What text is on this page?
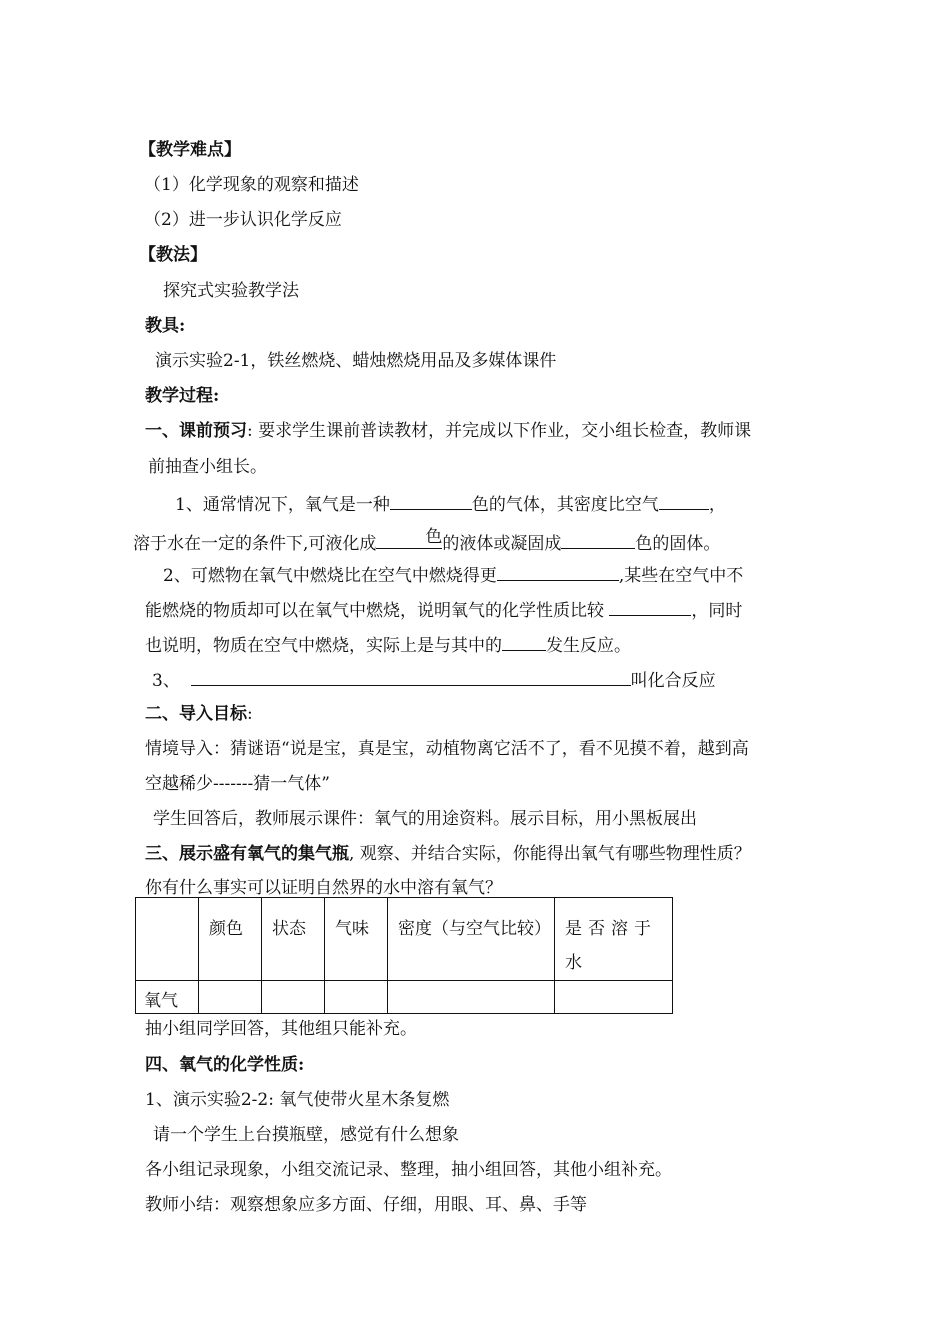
【教学难点】
（1）化学现象的观察和描述
（2）进一步认识化学反应
【教法】
探究式实验教学法
教具:
演示实验2-1，铁丝燃烧、蜡烛燃烧用品及多媒体课件
教学过程:
一、课前预习: 要求学生课前普读教材，并完成以下作业，交小组长检查，教师课
前抽查小组长。
1、通常情况下，氧气是一种	色的气体，其密度比空气	，
溶于水在一定的条件下,可液化成	色 的液体或凝固成	色的固体。
2、可燃物在氧气中燃烧比在空气中燃烧得更	,某些在空气中不
能燃烧的物质却可以在氧气中燃烧，说明氧气的化学性质比较	，同时
也说明，物质在空气中燃烧，实际上是与其中的	发生反应。
3、	叫化合反应
二、导入目标:
情境导入：猜谜语“说是宝，真是宝，动植物离它活不了，看不见摸不着，越到高
空越稀少-------猜一气体”
学生回答后，教师展示课件：氧气的用途资料。展示目标，用小黑板展出
三、展示盛有氧气的集气瓶, 观察、并结合实际，你能得出氧气有哪些物理性质？
你有什么事实可以证明自然界的水中溶有氧气？

	颜色	状态	气味	密度（与空气比较）	是否溶于水

氧气					

抽小组同学回答，其他组只能补充。
四、氧气的化学性质:
1、演示实验2-2: 氧气使带火星木条复燃
请一个学生上台摸瓶壁，感觉有什么想象
各小组记录现象，小组交流记录、整理，抽小组回答，其他小组补充。
教师小结：观察想象应多方面、仔细，用眼、耳、鼻、手等
